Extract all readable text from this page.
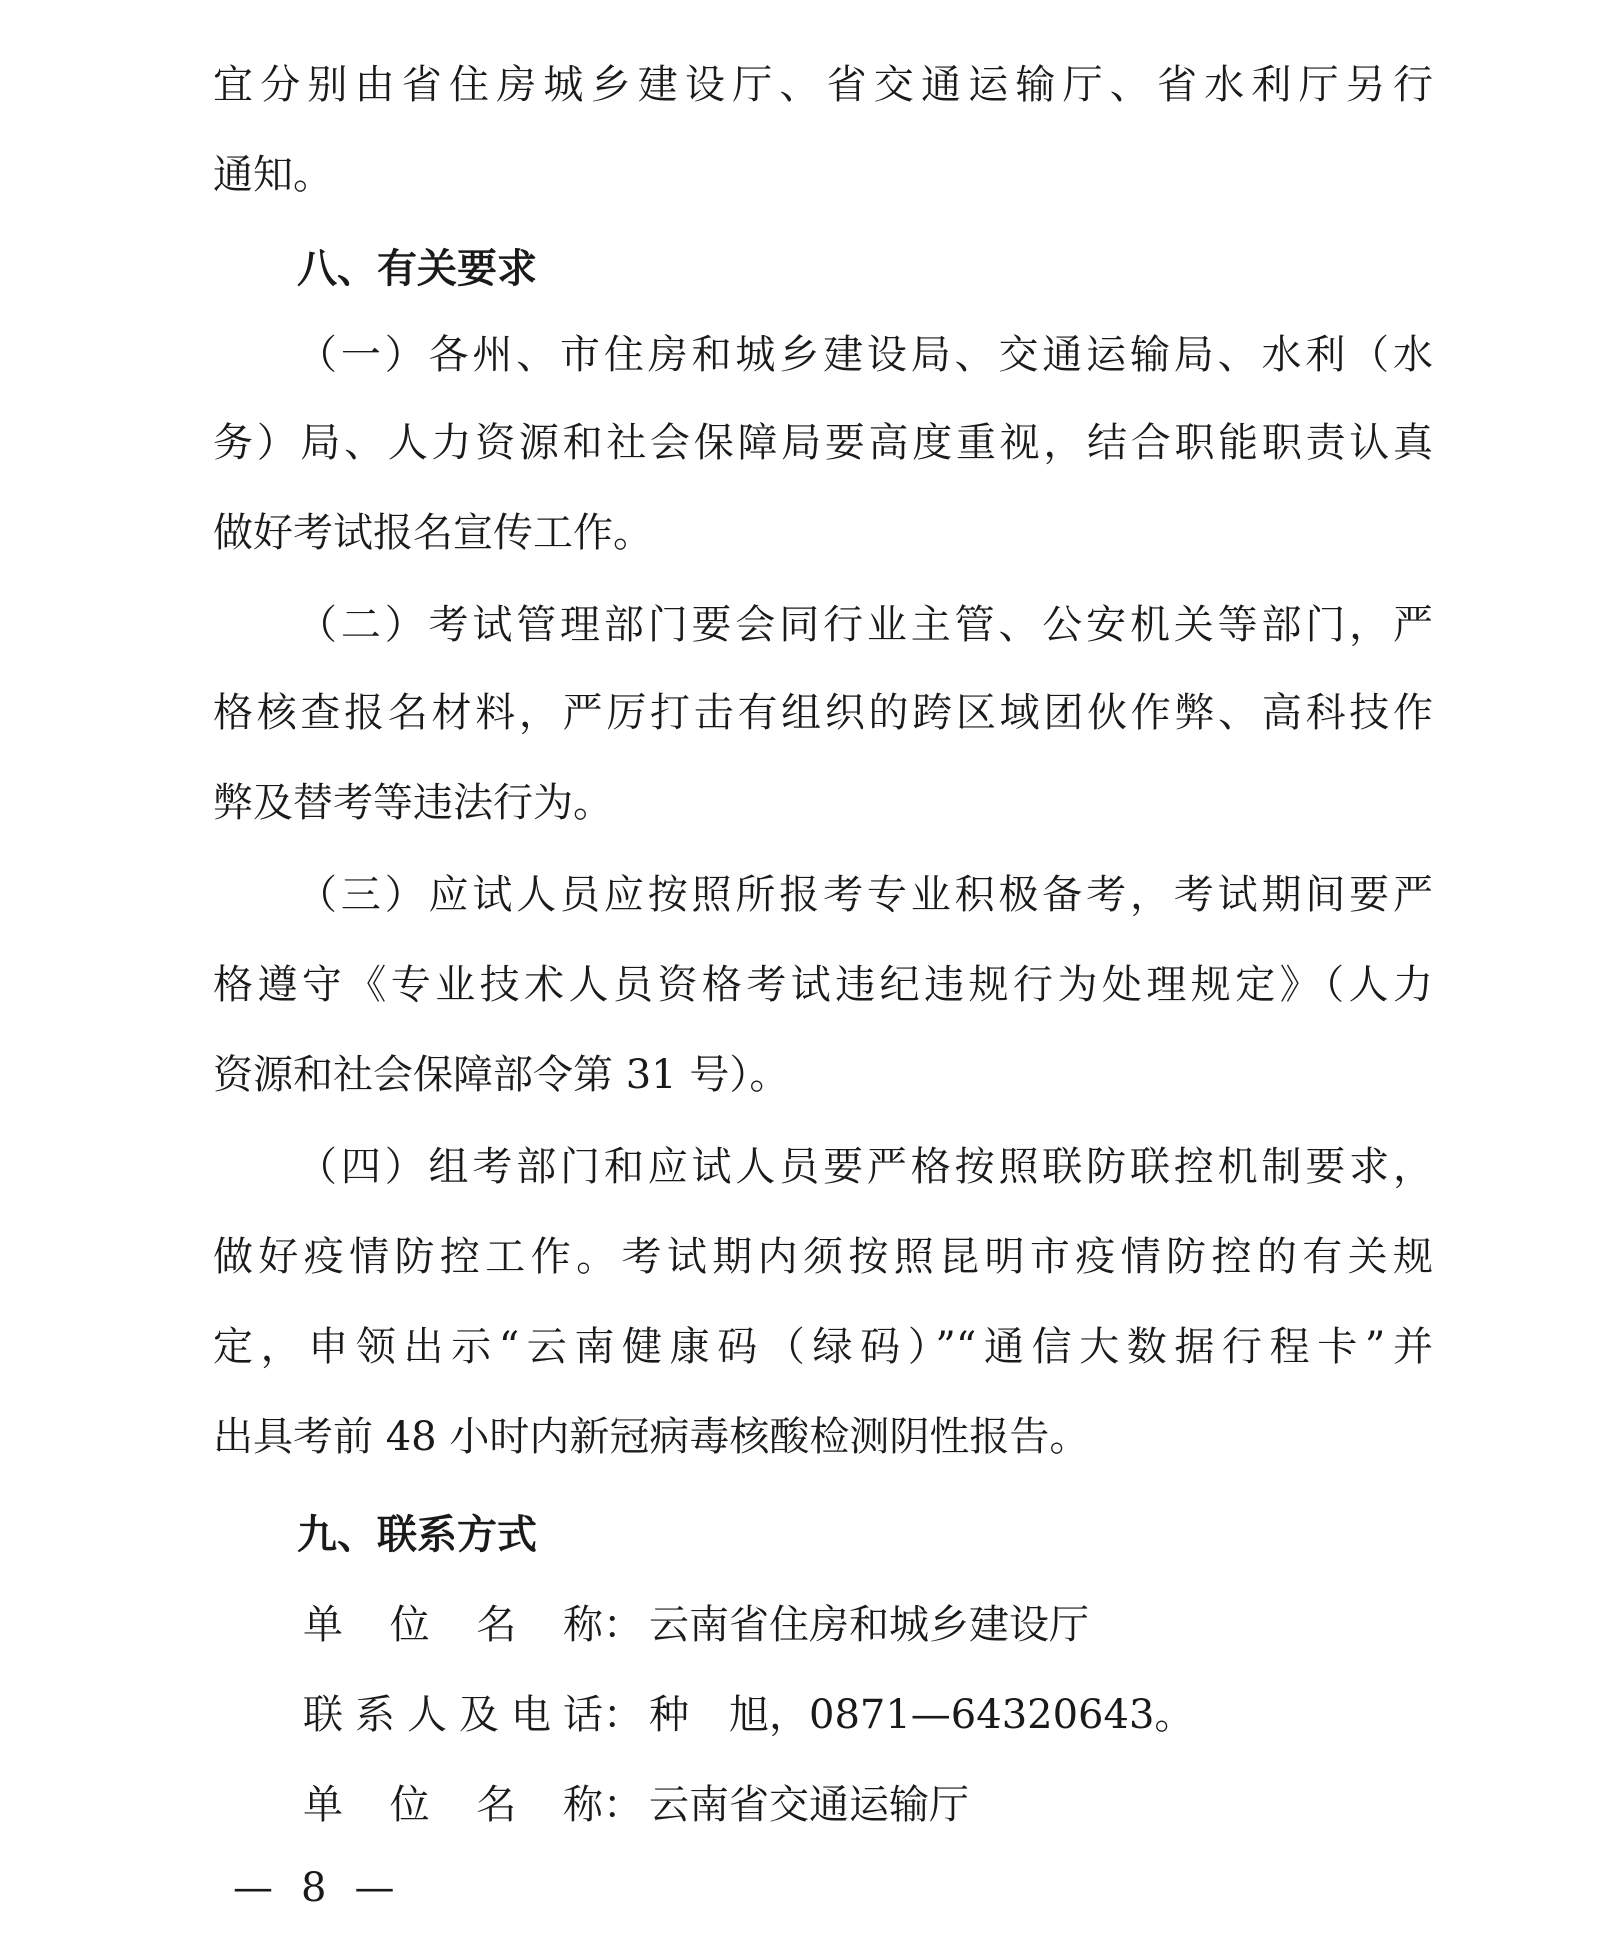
宜分别由省住房城乡建设厅、省交通运输厅、省水利厅另行
通知。
八、有关要求
（一）各州、市住房和城乡建设局、交通运输局、水利（水
务）局、人力资源和社会保障局要高度重视，结合职能职责认真
做好考试报名宣传工作。
（二）考试管理部门要会同行业主管、公安机关等部门，严
格核查报名材料，严厉打击有组织的跨区域团伙作弊、高科技作
弊及替考等违法行为。
（三）应试人员应按照所报考专业积极备考，考试期间要严
格遵守《专业技术人员资格考试违纪违规行为处理规定》（人力
资源和社会保障部令第 31 号）。
（四）组考部门和应试人员要严格按照联防联控机制要求，
做好疫情防控工作。考试期内须按照昆明市疫情防控的有关规
定，申领出示“云南健康码（绿码）”“通信大数据行程卡”并
出具考前 48 小时内新冠病毒核酸检测阴性报告。
九、联系方式
单位名称： 云南省住房和城乡建设厅
联系人及电话： 种　旭，0871—64320643。
单位名称： 云南省交通运输厅
— 8 —
